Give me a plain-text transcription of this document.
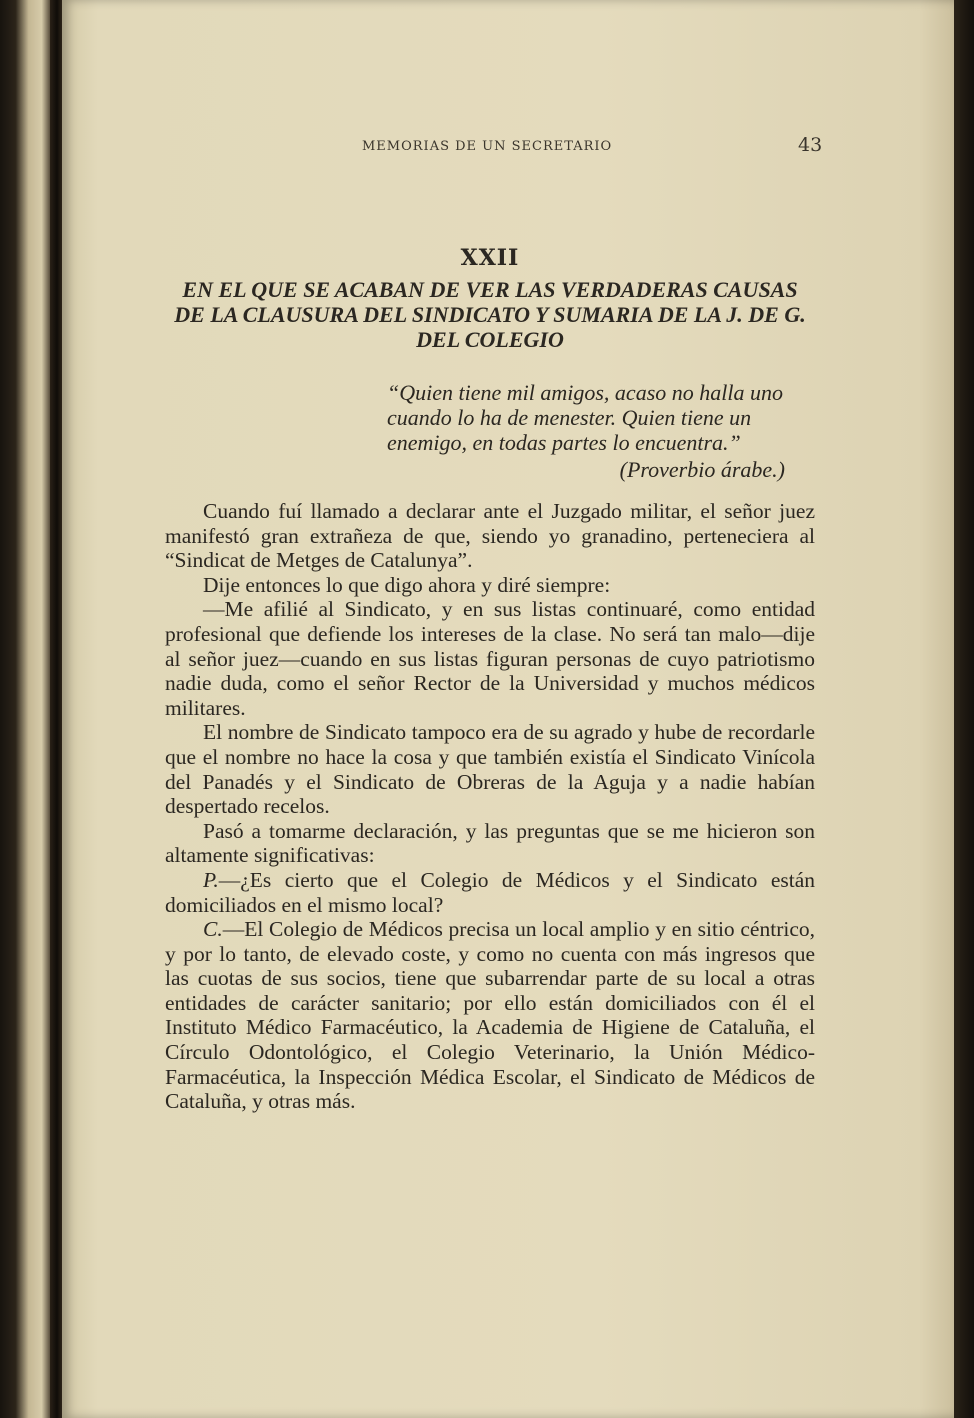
MEMORIAS DE UN SECRETARIO	43
XXII
EN EL QUE SE ACABAN DE VER LAS VERDADERAS CAUSAS DE LA CLAUSURA DEL SINDICATO Y SUMARIA DE LA J. DE G. DEL COLEGIO
“Quien tiene mil amigos, acaso no halla uno cuando lo ha de menester. Quien tiene un enemigo, en todas partes lo encuentra.”
(Proverbio árabe.)

Cuando fuí llamado a declarar ante el Juzgado militar, el señor juez manifestó gran extrañeza de que, siendo yo granadino, perteneciera al “Sindicat de Metges de Catalunya”.

Dije entonces lo que digo ahora y diré siempre:

—Me afilié al Sindicato, y en sus listas continuaré, como entidad profesional que defiende los intereses de la clase. No será tan malo—dije al señor juez—cuando en sus listas figuran personas de cuyo patriotismo nadie duda, como el señor Rector de la Universidad y muchos médicos militares.

El nombre de Sindicato tampoco era de su agrado y hube de recordarle que el nombre no hace la cosa y que también existía el Sindicato Vinícola del Panadés y el Sindicato de Obreras de la Aguja y a nadie habían despertado recelos.

Pasó a tomarme declaración, y las preguntas que se me hicieron son altamente significativas:

P.—¿Es cierto que el Colegio de Médicos y el Sindicato están domiciliados en el mismo local?

C.—El Colegio de Médicos precisa un local amplio y en sitio céntrico, y por lo tanto, de elevado coste, y como no cuenta con más ingresos que las cuotas de sus socios, tiene que subarrendar parte de su local a otras entidades de carácter sanitario; por ello están domiciliados con él el Instituto Médico Farmacéutico, la Academia de Higiene de Cataluña, el Círculo Odontológico, el Colegio Veterinario, la Unión Médico-Farmacéutica, la Inspección Médica Escolar, el Sindicato de Médicos de Cataluña, y otras más.
